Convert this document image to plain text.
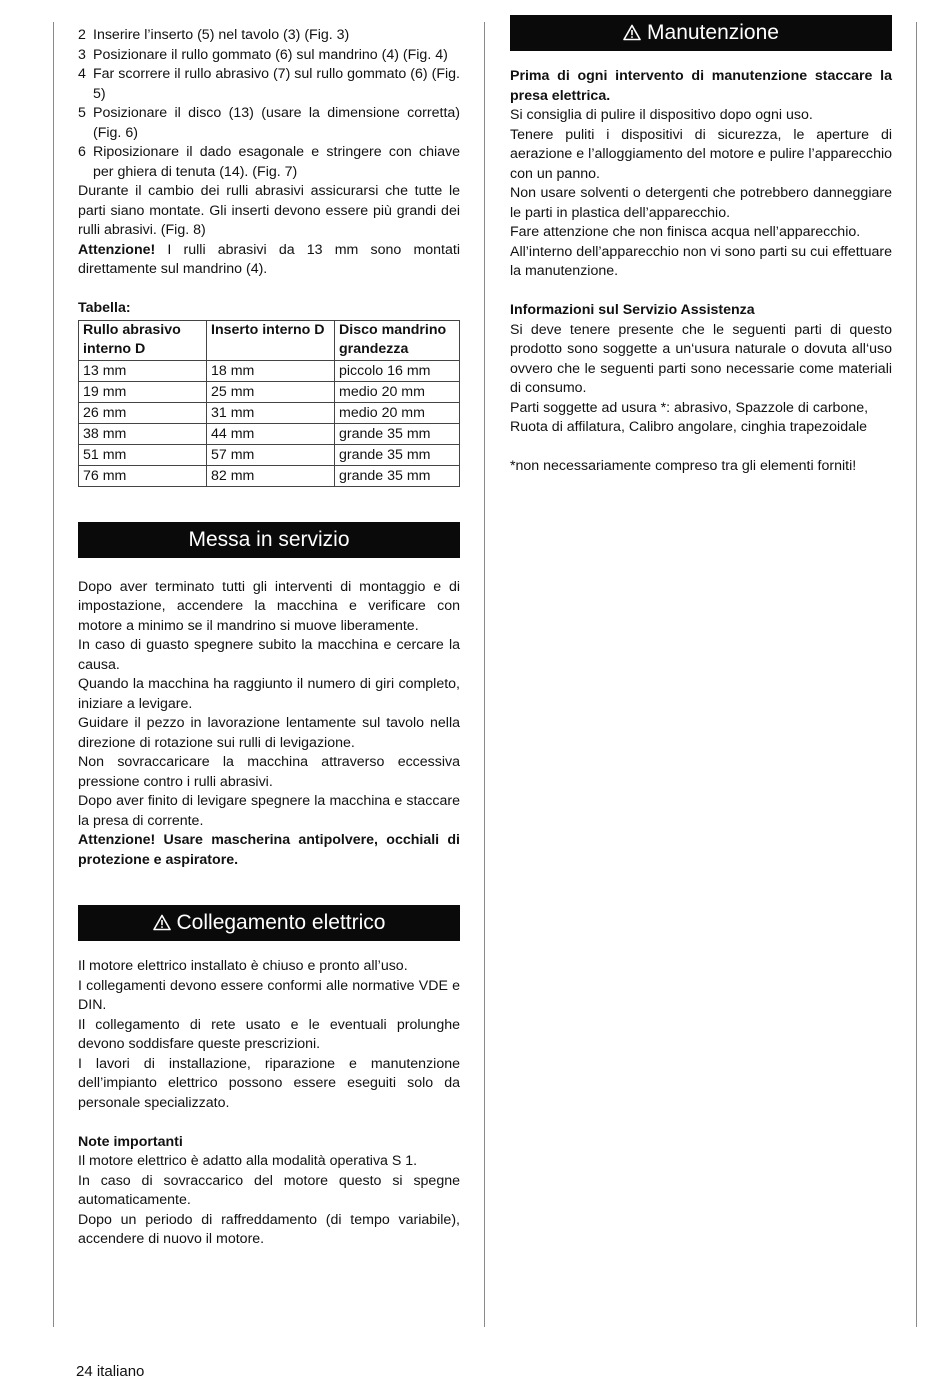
2 Inserire l’inserto (5) nel tavolo (3) (Fig. 3)
3 Posizionare il rullo gommato (6) sul mandrino (4) (Fig. 4)
4 Far scorrere il rullo abrasivo (7) sul rullo gommato (6) (Fig. 5)
5 Posizionare il disco (13) (usare la dimensione corretta) (Fig. 6)
6 Riposizionare il dado esagonale e stringere con chiave per ghiera di tenuta (14). (Fig. 7)

Durante il cambio dei rulli abrasivi assicurarsi che tutte le parti siano montate. Gli inserti devono essere più grandi dei rulli abrasivi. (Fig. 8)

Attenzione! I rulli abrasivi da 13 mm sono montati direttamente sul mandrino (4).

Tabella:

Rullo abrasivo interno D	Inserto interno D	Disco mandrino grandezza
13 mm	18 mm	piccolo 16 mm
19 mm	25 mm	medio 20 mm
26 mm	31 mm	medio 20 mm
38 mm	44 mm	grande 35 mm
51 mm	57 mm	grande 35 mm
76 mm	82 mm	grande 35 mm
Messa in servizio

Dopo aver terminato tutti gli interventi di montaggio e di impostazione, accendere la macchina e verificare con motore a minimo se il mandrino si muove liberamente.

In caso di guasto spegnere subito la macchina e cercare la causa.

Quando la macchina ha raggiunto il numero di giri completo, iniziare a levigare.

Guidare il pezzo in lavorazione lentamente sul tavolo nella direzione di rotazione sui rulli di levigazione.

Non sovraccaricare la macchina attraverso eccessiva pressione contro i rulli abrasivi.

Dopo aver finito di levigare spegnere la macchina e staccare la presa di corrente.

Attenzione! Usare mascherina antipolvere, occhiali di protezione e aspiratore.

Collegamento elettrico

Il motore elettrico installato è chiuso e pronto all’uso.

I collegamenti devono essere conformi alle normative VDE e DIN.

Il collegamento di rete usato e le eventuali prolunghe devono soddisfare queste prescrizioni.

I lavori di installazione, riparazione e manutenzione dell’impianto elettrico possono essere eseguiti solo da personale specializzato.

Note importanti

Il motore elettrico è adatto alla modalità operativa S 1.

In caso di sovraccarico del motore questo si spegne automaticamente.

Dopo un periodo di raffreddamento (di tempo variabile), accendere di nuovo il motore.

Manutenzione

Prima di ogni intervento di manutenzione staccare la presa elettrica.

Si consiglia di pulire il dispositivo dopo ogni uso.

Tenere puliti i dispositivi di sicurezza, le aperture di aerazione e l’alloggiamento del motore e pulire l’apparecchio con un panno.

Non usare solventi o detergenti che potrebbero danneggiare le parti in plastica dell’apparecchio.

Fare attenzione che non finisca acqua nell’apparecchio.

All’interno dell’apparecchio non vi sono parti su cui effettuare la manutenzione.

Informazioni sul Servizio Assistenza

Si deve tenere presente che le seguenti parti di questo prodotto sono soggette a un‘usura naturale o dovuta all‘uso ovvero che le seguenti parti sono necessarie come materiali di consumo.

Parti soggette ad usura *: abrasivo, Spazzole di carbone, Ruota di affilatura, Calibro angolare, cinghia trapezoidale

*non necessariamente compreso tra gli elementi forniti!

24 italiano
